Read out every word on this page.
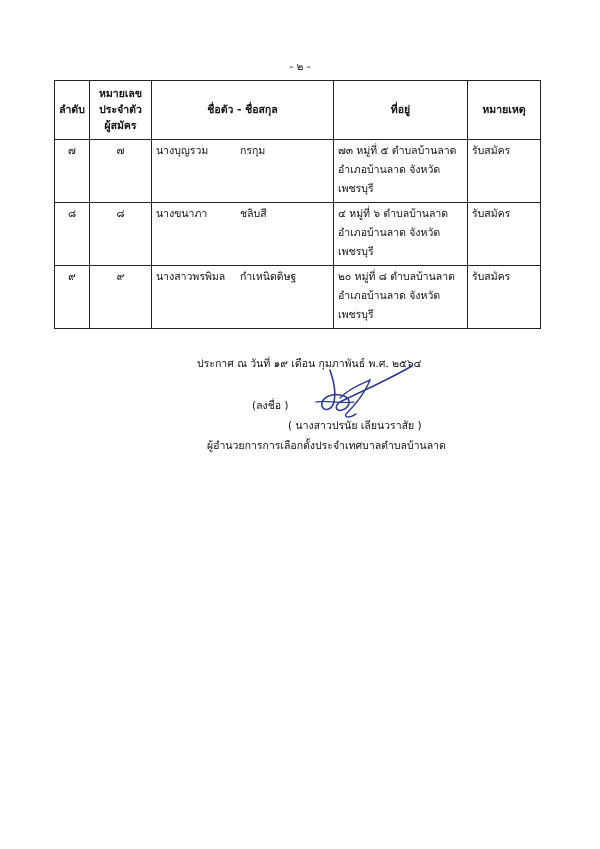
- ๒ -
ลำดับ	หมายเลข
ประจำตัว
ผู้สมัคร	ชื่อตัว - ชื่อสกุล	ที่อยู่	หมายเหตุ
๗	๗	นางบุญรวม กรกุม	๗๓ หมู่ที่ ๕ ตำบลบ้านลาด
อำเภอบ้านลาด จังหวัด
เพชรบุรี	รับสมัคร
๘	๘	นางขนาภา ชลิบสี	๔ หมู่ที่ ๖ ตำบลบ้านลาด
อำเภอบ้านลาด จังหวัด
เพชรบุรี	รับสมัคร
๙	๙	นางสาวพรพิมล กำเหนิดดิษฐ	๒๐ หมู่ที่ ๘ ตำบลบ้านลาด
อำเภอบ้านลาด จังหวัด
เพชรบุรี	รับสมัคร
ประกาศ ณ วันที่ ๑๙ เดือน กุมภาพันธ์ พ.ศ. ๒๕๖๔
(ลงชื่อ )
( นางสาวปรนัย เลียนวราสัย )
ผู้อำนวยการการเลือกตั้งประจำเทศบาลตำบลบ้านลาด
